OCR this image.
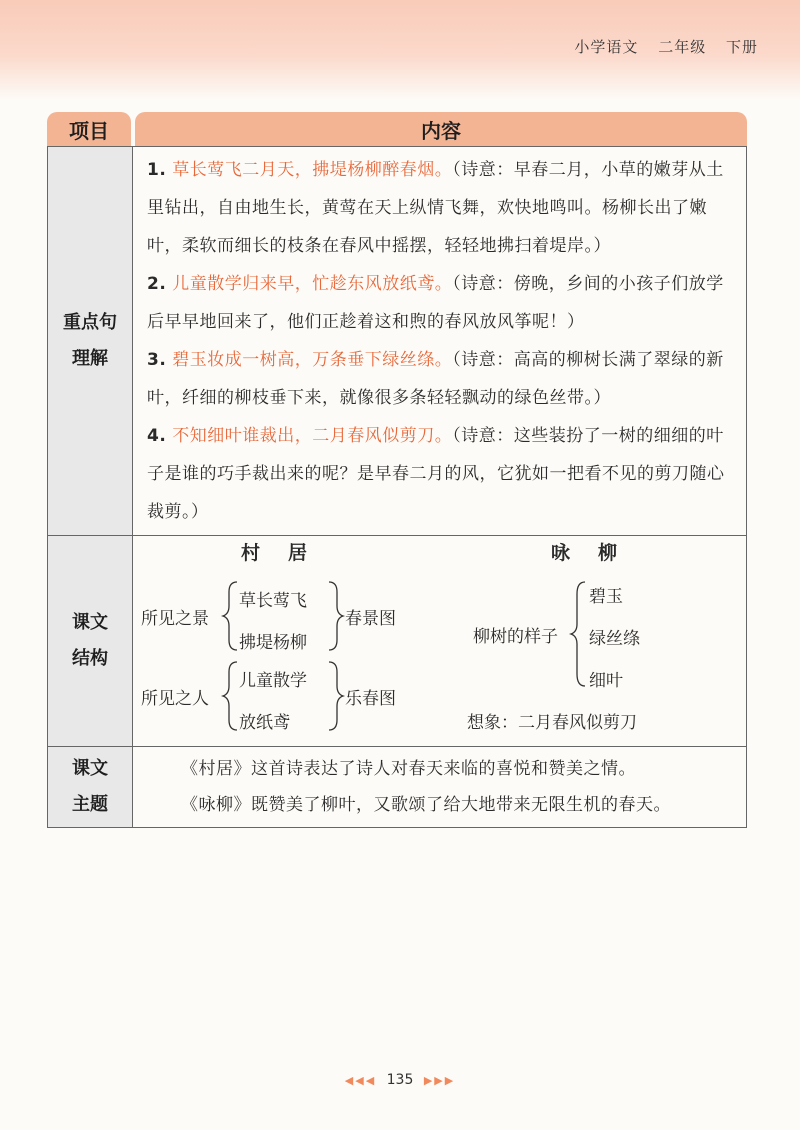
小学语文 二年级 下册
项目	内容
重点句
理解
1. 草长莺飞二月天，拂堤杨柳醉春烟。（诗意：早春二月，小草的嫩芽从土里钻出，自由地生长，黄莺在天上纵情飞舞，欢快地鸣叫。杨柳长出了嫩叶，柔软而细长的枝条在春风中摇摆，轻轻地拂扫着堤岸。）
2. 儿童散学归来早，忙趁东风放纸鸢。（诗意：傍晚，乡间的小孩子们放学后早早地回来了，他们正趁着这和煦的春风放风筝呢！）
3. 碧玉妆成一树高，万条垂下绿丝绦。（诗意：高高的柳树长满了翠绿的新叶，纤细的柳枝垂下来，就像很多条轻轻飘动的绿色丝带。）
4. 不知细叶谁裁出，二月春风似剪刀。（诗意：这些装扮了一树的细细的叶子是谁的巧手裁出来的呢？是早春二月的风，它犹如一把看不见的剪刀随心裁剪。）
课文
结构
村居	咏柳
所见之景
草长莺飞
拂堤杨柳
春景图
所见之人
儿童散学
放纸鸢
乐春图
柳树的样子
碧玉
绿丝绦
细叶
想象：二月春风似剪刀
课文
主题

《村居》这首诗表达了诗人对春天来临的喜悦和赞美之情。

《咏柳》既赞美了柳叶，又歌颂了给大地带来无限生机的春天。

◀◀◀ 135 ▶▶▶
